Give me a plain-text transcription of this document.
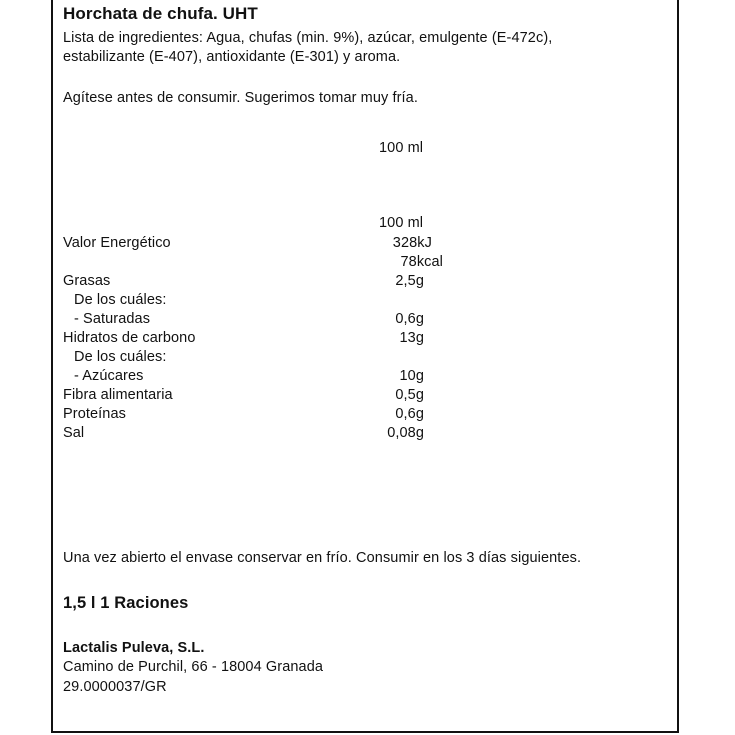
Horchata de chufa. UHT
Lista de ingredientes: Agua, chufas (min. 9%), azúcar, emulgente (E-472c),
estabilizante (E-407), antioxidante (E-301) y aroma.
Agítese antes de consumir. Sugerimos tomar muy fría.
100 ml
100 ml
Valor Energético	328kJ
78kcal
Grasas	2,5g
De los cuáles:
- Saturadas	0,6g
Hidratos de carbono	13g
De los cuáles:
- Azúcares	10g
Fibra alimentaria	0,5g
Proteínas	0,6g
Sal	0,08g
Una vez abierto el envase conservar en frío. Consumir en los 3 días siguientes.
1,5 l 1 Raciones
Lactalis Puleva, S.L.
Camino de Purchil, 66 - 18004 Granada
29.0000037/GR
